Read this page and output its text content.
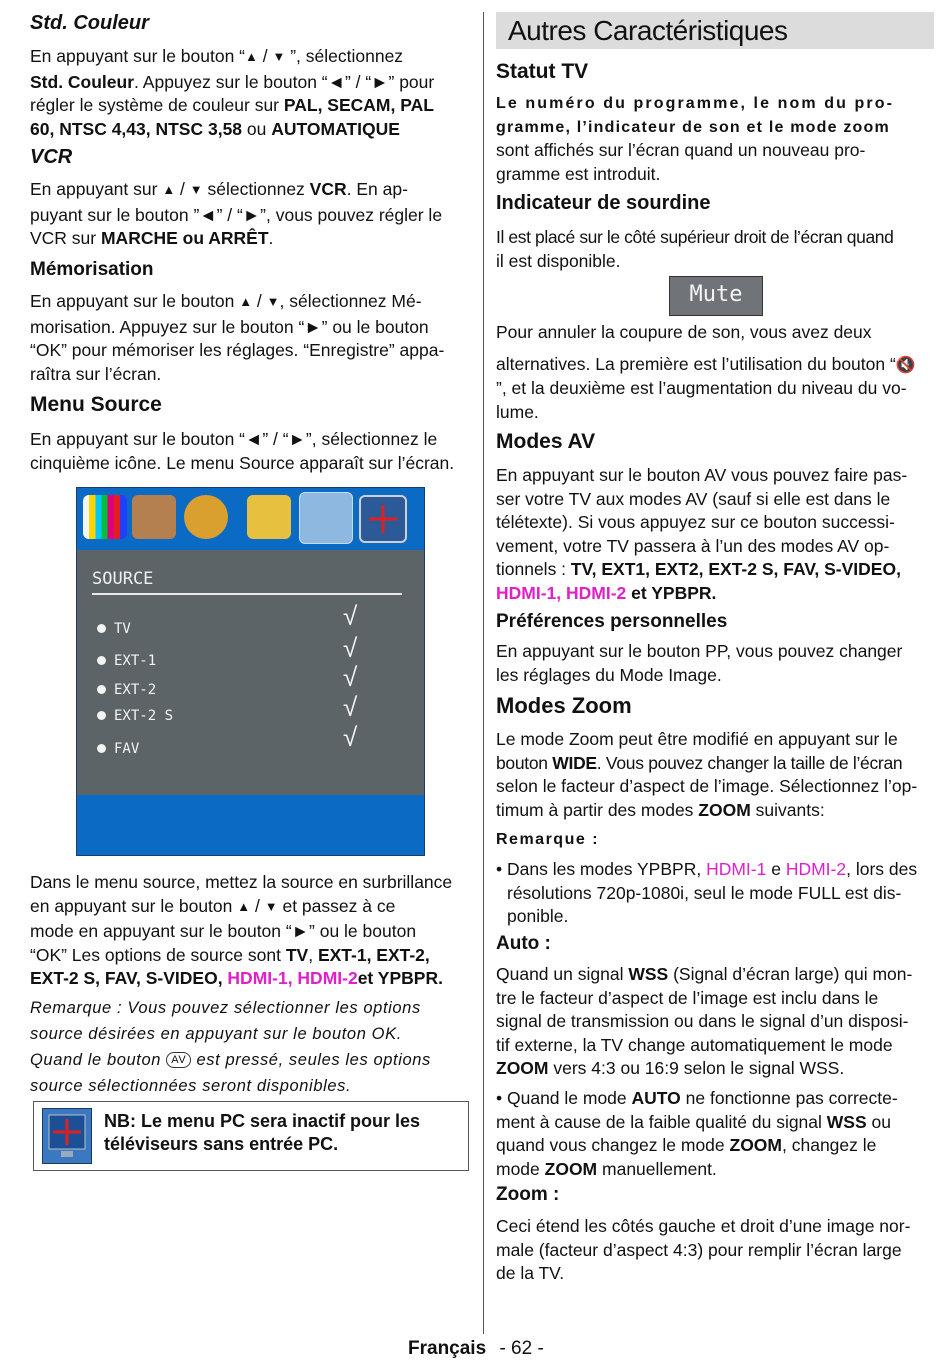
Std. Couleur
En appuyant sur le bouton “▲ / ▼ ”, sélectionnez
Std. Couleur. Appuyez sur le bouton “◄” / “►” pour
régler le système de couleur sur PAL, SECAM, PAL
60, NTSC 4,43, NTSC 3,58 ou AUTOMATIQUE
VCR
En appuyant sur ▲ / ▼ sélectionnez VCR. En ap-
puyant sur le bouton ”◄” / “►”, vous pouvez régler le
VCR sur MARCHE ou ARRÊT.
Mémorisation
En appuyant sur le bouton ▲ / ▼, sélectionnez Mé-
morisation. Appuyez sur le bouton “►” ou le bouton
“OK” pour mémoriser les réglages. “Enregistre” appa-
raîtra sur l’écran.
Menu Source
En appuyant sur le bouton “◄” / “►”, sélectionnez le
cinquième icône. Le menu Source apparaît sur l’écran.
SOURCE
TV
EXT-1
EXT-2
EXT-2 S
FAV
√
√
√
√
√
Dans le menu source, mettez la source en surbrillance
en appuyant sur le bouton ▲ / ▼ et passez à ce
mode en appuyant sur le bouton “►” ou le bouton
“OK” Les options de source sont TV, EXT-1, EXT-2,
EXT-2 S, FAV, S-VIDEO, HDMI-1, HDMI-2et YPBPR.
Remarque : Vous pouvez sélectionner les options
source désirées en appuyant sur le bouton OK.
Quand le bouton AV est pressé, seules les options
source sélectionnées seront disponibles.
NB: Le menu PC sera inactif pour les
téléviseurs sans entrée PC.
Autres Caractéristiques
Statut TV
Le numéro du programme, le nom du pro-
gramme, l’indicateur de son et le mode zoom
sont affichés sur l’écran quand un nouveau pro-
gramme est introduit.
Indicateur de sourdine
Il est placé sur le côté supérieur droit de l’écran quand
il est disponible.
Mute
Pour annuler la coupure de son, vous avez deux
alternatives. La première est l’utilisation du bouton “🔇
”, et la deuxième est l’augmentation du niveau du vo-
lume.
Modes AV
En appuyant sur le bouton AV vous pouvez faire pas-
ser votre TV aux modes AV (sauf si elle est dans le
télétexte). Si vous appuyez sur ce bouton successi-
vement, votre TV passera à l’un des modes AV op-
tionnels : TV, EXT1, EXT2, EXT-2 S, FAV, S-VIDEO,
HDMI-1, HDMI-2 et YPBPR.
Préférences personnelles
En appuyant sur le bouton PP, vous pouvez changer
les réglages du Mode Image.
Modes Zoom
Le mode Zoom peut être modifié en appuyant sur le
bouton WIDE. Vous pouvez changer la taille de l’écran
selon le facteur d’aspect de l’image. Sélectionnez l’op-
timum à partir des modes ZOOM suivants:
Remarque :
• Dans les modes YPBPR, HDMI-1 e HDMI-2, lors des
résolutions 720p-1080i, seul le mode FULL est dis-
ponible.
Auto :
Quand un signal WSS (Signal d’écran large) qui mon-
tre le facteur d’aspect de l’image est inclu dans le
signal de transmission ou dans le signal d’un disposi-
tif externe, la TV change automatiquement le mode
ZOOM vers 4:3 ou 16:9 selon le signal WSS.
• Quand le mode AUTO ne fonctionne pas correcte-
ment à cause de la faible qualité du signal WSS ou
quand vous changez le mode ZOOM, changez le
mode ZOOM manuellement.
Zoom :
Ceci étend les côtés gauche et droit d’une image nor-
male (facteur d’aspect 4:3) pour remplir l’écran large
de la TV.
Français - 62 -
